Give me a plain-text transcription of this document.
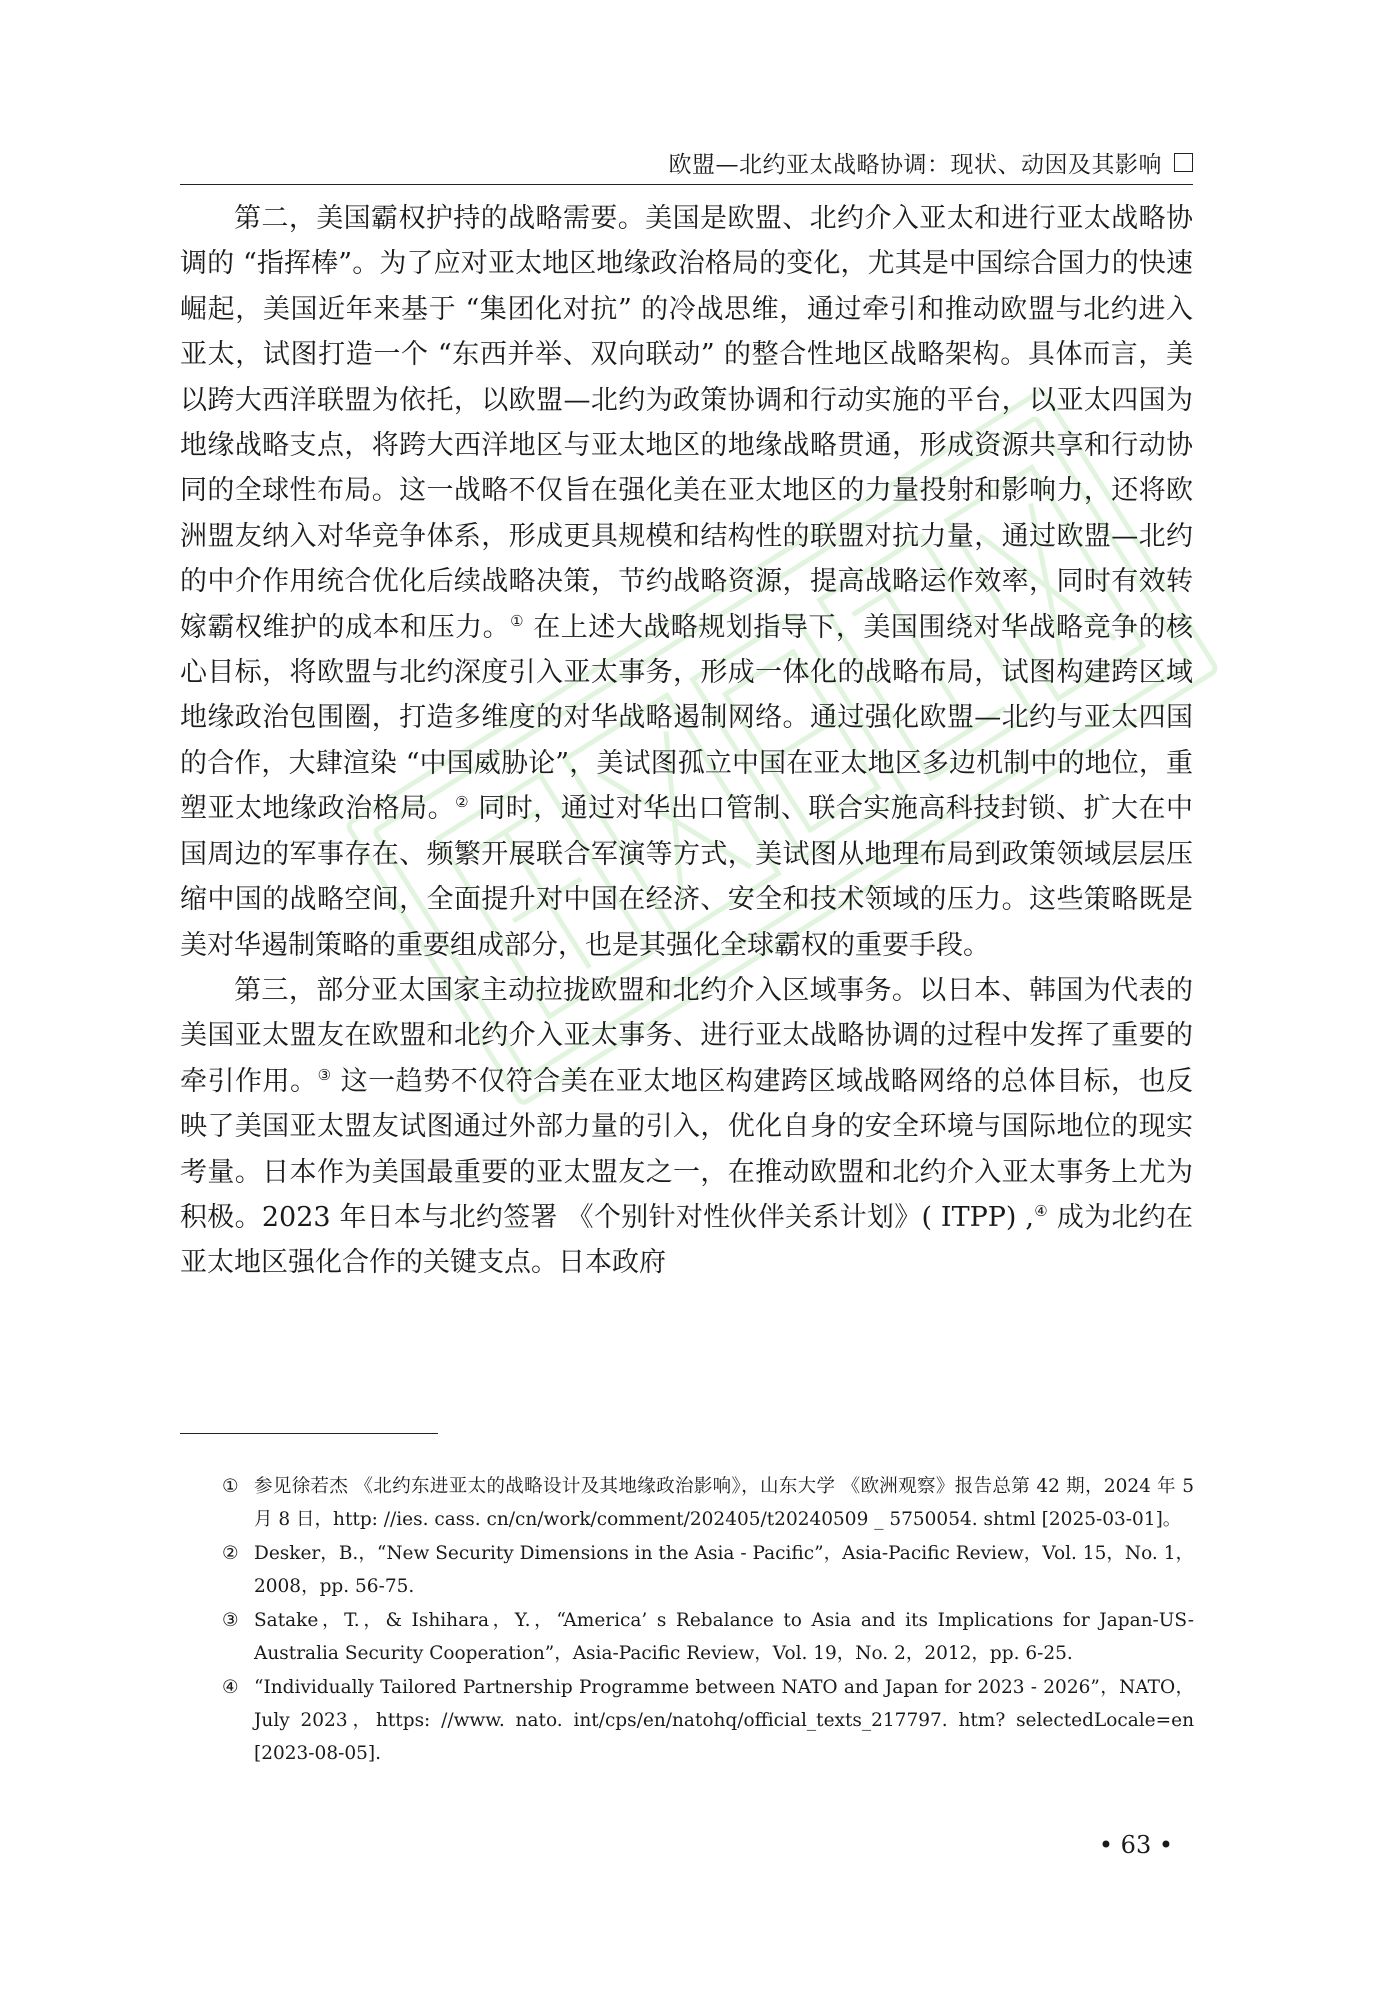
欧盟—北约亚太战略协调：现状、动因及其影响

第二，美国霸权护持的战略需要。美国是欧盟、北约介入亚太和进行亚太战略协调的 “指挥棒”。为了应对亚太地区地缘政治格局的变化，尤其是中国综合国力的快速崛起，美国近年来基于 “集团化对抗” 的冷战思维，通过牵引和推动欧盟与北约进入亚太，试图打造一个 “东西并举、双向联动” 的整合性地区战略架构。具体而言，美以跨大西洋联盟为依托，以欧盟—北约为政策协调和行动实施的平台，以亚太四国为地缘战略支点，将跨大西洋地区与亚太地区的地缘战略贯通，形成资源共享和行动协同的全球性布局。这一战略不仅旨在强化美在亚太地区的力量投射和影响力，还将欧洲盟友纳入对华竞争体系，形成更具规模和结构性的联盟对抗力量，通过欧盟—北约的中介作用统合优化后续战略决策，节约战略资源，提高战略运作效率，同时有效转嫁霸权维护的成本和压力。① 在上述大战略规划指导下，美国围绕对华战略竞争的核心目标，将欧盟与北约深度引入亚太事务，形成一体化的战略布局，试图构建跨区域地缘政治包围圈，打造多维度的对华战略遏制网络。通过强化欧盟—北约与亚太四国的合作，大肆渲染 “中国威胁论”，美试图孤立中国在亚太地区多边机制中的地位，重塑亚太地缘政治格局。② 同时，通过对华出口管制、联合实施高科技封锁、扩大在中国周边的军事存在、频繁开展联合军演等方式，美试图从地理布局到政策领域层层压缩中国的战略空间，全面提升对中国在经济、安全和技术领域的压力。这些策略既是美对华遏制策略的重要组成部分，也是其强化全球霸权的重要手段。

第三，部分亚太国家主动拉拢欧盟和北约介入区域事务。以日本、韩国为代表的美国亚太盟友在欧盟和北约介入亚太事务、进行亚太战略协调的过程中发挥了重要的牵引作用。③ 这一趋势不仅符合美在亚太地区构建跨区域战略网络的总体目标，也反映了美国亚太盟友试图通过外部力量的引入，优化自身的安全环境与国际地位的现实考量。日本作为美国最重要的亚太盟友之一，在推动欧盟和北约介入亚太事务上尤为积极。2023 年日本与北约签署 《个别针对性伙伴关系计划》( ITPP) ,④ 成为北约在亚太地区强化合作的关键支点。日本政府

① 参见徐若杰 《北约东进亚太的战略设计及其地缘政治影响》，山东大学 《欧洲观察》报告总第 42 期，2024 年 5 月 8 日，http: //ies. cass. cn/cn/work/comment/202405/t20240509 _ 5750054. shtml [2025-03-01]。
② Desker，B.，“New Security Dimensions in the Asia - Pacific”，Asia-Pacific Review，Vol. 15，No. 1，2008，pp. 56-75.
③ Satake，T.，& Ishihara，Y.，“America’ s Rebalance to Asia and its Implications for Japan-US-Australia Security Cooperation”，Asia-Pacific Review，Vol. 19，No. 2，2012，pp. 6-25.
④ “Individually Tailored Partnership Programme between NATO and Japan for 2023 - 2026”，NATO，July 2023，https: //www. nato. int/cps/en/natohq/official_texts_217797. htm? selectedLocale=en [2023-08-05].
• 63 •
